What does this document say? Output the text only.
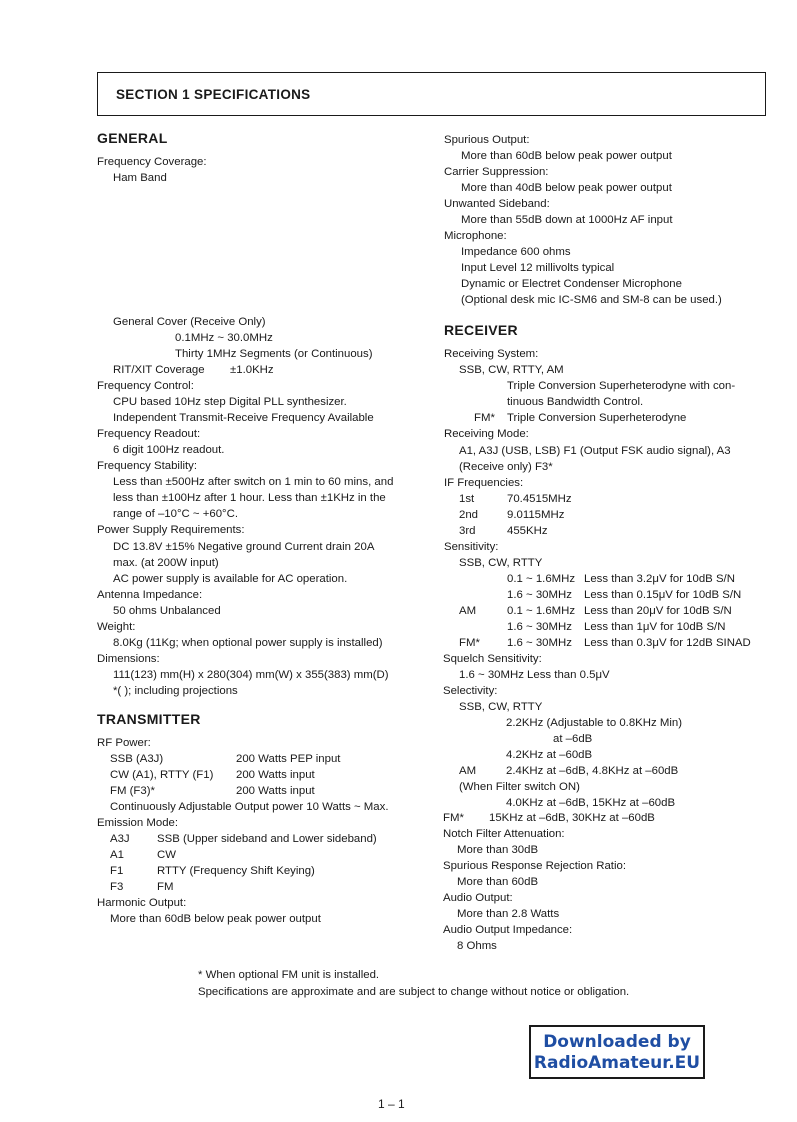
SECTION 1 SPECIFICATIONS
GENERAL
Frequency Coverage:
Ham Band
General Cover (Receive Only)
0.1MHz ~ 30.0MHz
Thirty 1MHz Segments (or Continuous)
RIT/XIT Coverage ±1.0KHz
Frequency Control:
CPU based 10Hz step Digital PLL synthesizer.
Independent Transmit-Receive Frequency Available
Frequency Readout:
6 digit 100Hz readout.
Frequency Stability:
Less than ±500Hz after switch on 1 min to 60 mins, and
less than ±100Hz after 1 hour. Less than ±1KHz in the
range of –10°C ~ +60°C.
Power Supply Requirements:
DC 13.8V ±15% Negative ground Current drain 20A
max. (at 200W input)
AC power supply is available for AC operation.
Antenna Impedance:
50 ohms Unbalanced
Weight:
8.0Kg (11Kg; when optional power supply is installed)
Dimensions:
111(123) mm(H) x 280(304) mm(W) x 355(383) mm(D)
*( ); including projections
TRANSMITTER
RF Power:
SSB (A3J)	200 Watts PEP input
CW (A1), RTTY (F1) 200 Watts input
FM (F3)*	200 Watts input
Continuously Adjustable Output power 10 Watts ~ Max.
Emission Mode:
A3J SSB (Upper sideband and Lower sideband)
A1	CW
F1	RTTY (Frequency Shift Keying)
F3	FM
Harmonic Output:
More than 60dB below peak power output
Spurious Output:
More than 60dB below peak power output
Carrier Suppression:
More than 40dB below peak power output
Unwanted Sideband:
More than 55dB down at 1000Hz AF input
Microphone:
Impedance 600 ohms
Input Level 12 millivolts typical
Dynamic or Electret Condenser Microphone
(Optional desk mic IC-SM6 and SM-8 can be used.)
RECEIVER
Receiving System:
SSB, CW, RTTY, AM
Triple Conversion Superheterodyne with con-
tinuous Bandwidth Control.
FM* Triple Conversion Superheterodyne
Receiving Mode:
A1, A3J (USB, LSB) F1 (Output FSK audio signal), A3
(Receive only) F3*
IF Frequencies:
1st	70.4515MHz
2nd	9.0115MHz
3rd	455KHz
Sensitivity:
SSB, CW, RTTY
0.1 ~ 1.6MHz Less than 3.2μV for 10dB S/N
1.6 ~ 30MHz Less than 0.15μV for 10dB S/N
AM	0.1 ~ 1.6MHz Less than 20μV for 10dB S/N
1.6 ~ 30MHz Less than 1μV for 10dB S/N
FM* 1.6 ~ 30MHz Less than 0.3μV for 12dB SINAD
Squelch Sensitivity:
1.6 ~ 30MHz Less than 0.5μV
Selectivity:
SSB, CW, RTTY
2.2KHz (Adjustable to 0.8KHz Min)
at –6dB
4.2KHz at –60dB
AM	2.4KHz at –6dB, 4.8KHz at –60dB
(When Filter switch ON)
4.0KHz at –6dB, 15KHz at –60dB
FM* 15KHz at –6dB, 30KHz at –60dB
Notch Filter Attenuation:
More than 30dB
Spurious Response Rejection Ratio:
More than 60dB
Audio Output:
More than 2.8 Watts
Audio Output Impedance:
8 Ohms
* When optional FM unit is installed.
Specifications are approximate and are subject to change without notice or obligation.
Downloaded by
RadioAmateur.EU
1 – 1
